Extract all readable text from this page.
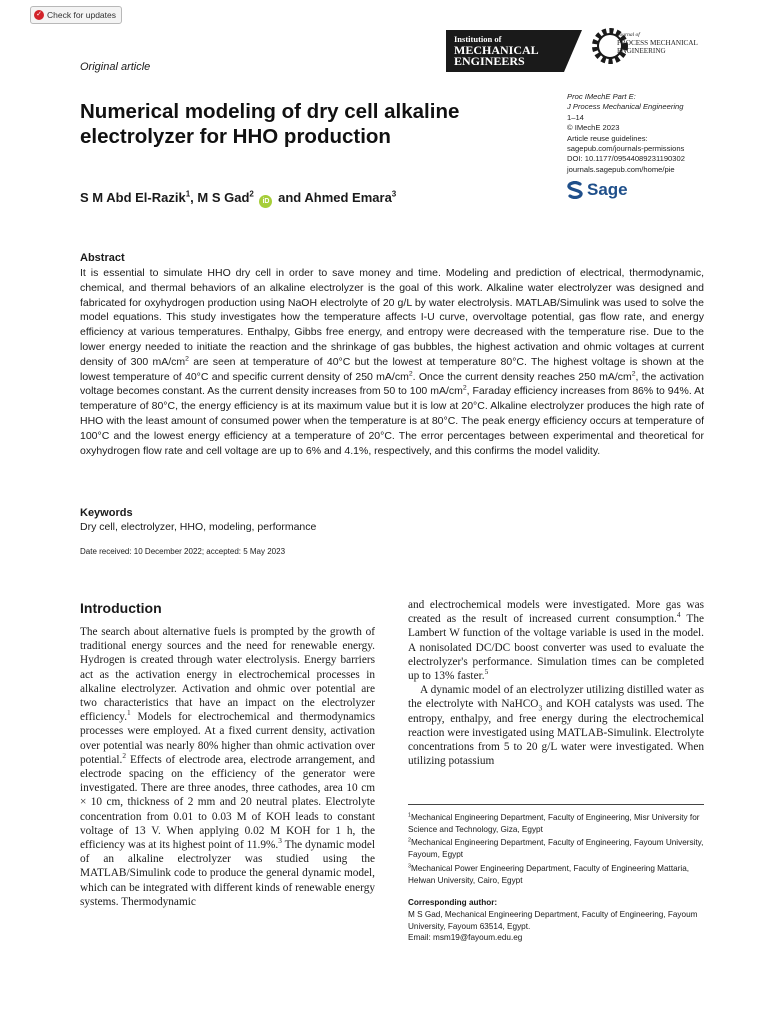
✓ Check for updates
Original article
Institution of
MECHANICAL
ENGINEERS
Journal of
PROCESS MECHANICAL
ENGINEERING
Proc IMechE Part E:
J Process Mechanical Engineering
1–14
© IMechE 2023
Article reuse guidelines:
sagepub.com/journals-permissions
DOI: 10.1177/09544089231190302
journals.sagepub.com/home/pie
Sage
Numerical modeling of dry cell alkaline electrolyzer for HHO production
S M Abd El-Razik$^1$, M S Gad$^2$ iD and Ahmed Emara$^3$
Abstract
It is essential to simulate HHO dry cell in order to save money and time. Modeling and prediction of electrical, thermodynamic, chemical, and thermal behaviors of an alkaline electrolyzer is the goal of this work. Alkaline water electrolyzer was designed and fabricated for oxyhydrogen production using NaOH electrolyte of 20 g/L by water electrolysis. MATLAB/Simulink was used to solve the model equations. This study investigates how the temperature affects I-U curve, overvoltage potential, gas flow rate, and energy efficiency at various temperatures. Enthalpy, Gibbs free energy, and entropy were decreased with the temperature rise. Due to the lower energy needed to initiate the reaction and the shrinkage of gas bubbles, the highest activation and ohmic voltages at current density of 300 $mA/cm^2$ are seen at temperature of 40°C but the lowest at temperature 80°C. The highest voltage is shown at the lowest temperature of 40°C and specific current density of 250 $mA/cm^2$. Once the current density reaches 250 $mA/cm^2$, the activation voltage becomes constant. As the current density increases from 50 to 100 $mA/cm^2$, Faraday efficiency increases from 86% to 94%. At temperature of 80°C, the energy efficiency is at its maximum value but it is low at 20°C. Alkaline electrolyzer produces the high rate of HHO with the least amount of consumed power when the temperature is at 80°C. The peak energy efficiency occurs at temperature of 100°C and the lowest energy efficiency at a temperature of 20°C. The error percentages between experimental and theoretical for oxyhydrogen flow rate and cell voltage are up to 6% and 4.1%, respectively, and this confirms the model validity.
Keywords
Dry cell, electrolyzer, HHO, modeling, performance
Date received: 10 December 2022; accepted: 5 May 2023
Introduction

The search about alternative fuels is prompted by the growth of traditional energy sources and the need for renewable energy. Hydrogen is created through water electrolysis. Energy barriers act as the activation energy in electrochemical processes in alkaline electrolyzer. Activation and ohmic over potential are two characteristics that have an impact on the electrolyzer efficiency.$^1$ Models for electrochemical and thermodynamics processes were employed. At a fixed current density, activation over potential was nearly 80% higher than ohmic activation over potential.$^2$ Effects of electrode area, electrode arrangement, and electrode spacing on the efficiency of the generator were investigated. There are three anodes, three cathodes, area 10 cm × 10 cm, thickness of 2 mm and 20 neutral plates. Electrolyte concentration from 0.01 to 0.03 M of KOH leads to constant voltage of 13 V. When applying 0.02 M KOH for 1 h, the efficiency was at its highest point of 11.9%.$^3$ The dynamic model of an alkaline electrolyzer was studied using the MATLAB/Simulink code to produce the general dynamic model, which can be integrated with different kinds of renewable energy systems. Thermodynamic

and electrochemical models were investigated. More gas was created as the result of increased current consumption.$^4$ The Lambert W function of the voltage variable is used in the model. A nonisolated DC/DC boost converter was used to evaluate the electrolyzer's performance. Simulation times can be completed up to 13% faster.$^5$

A dynamic model of an electrolyzer utilizing distilled water as the electrolyte with NaHCO$_3$ and KOH catalysts was used. The entropy, enthalpy, and free energy during the electrochemical reaction were investigated using MATLAB-Simulink. Electrolyte concentrations from 5 to 20 g/L water were investigated. When utilizing potassium

$^1$Mechanical Engineering Department, Faculty of Engineering, Misr University for Science and Technology, Giza, Egypt
$^2$Mechanical Engineering Department, Faculty of Engineering, Fayoum University, Fayoum, Egypt
$^3$Mechanical Power Engineering Department, Faculty of Engineering Mattaria, Helwan University, Cairo, Egypt
Corresponding author:
M S Gad, Mechanical Engineering Department, Faculty of Engineering, Fayoum University, Fayoum 63514, Egypt.
Email: msm19@fayoum.edu.eg
